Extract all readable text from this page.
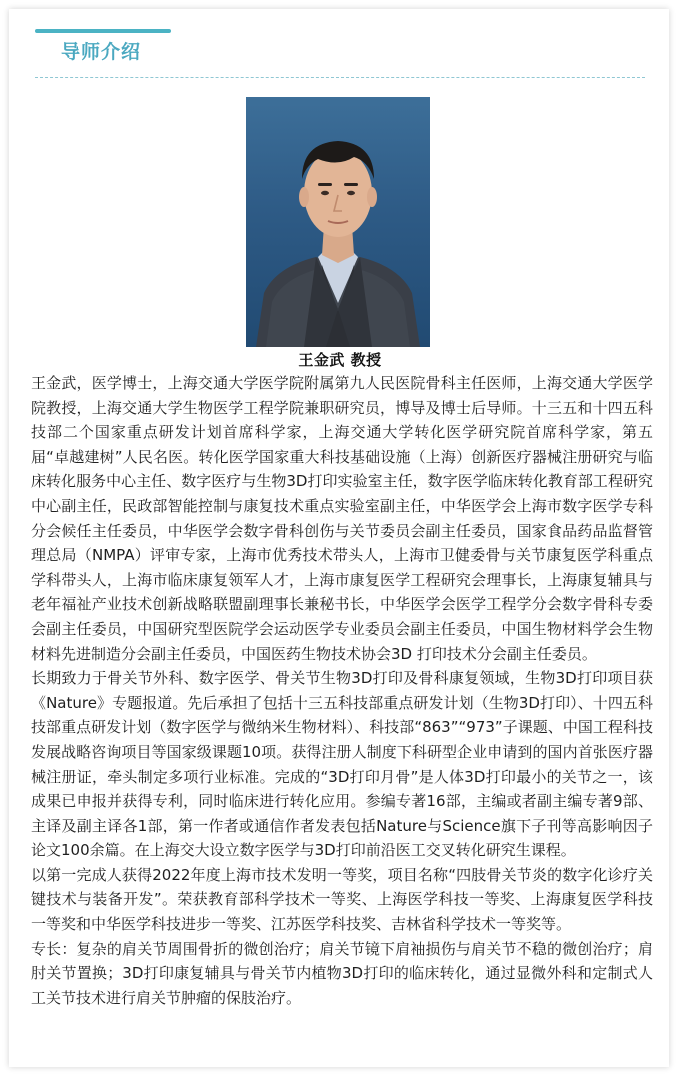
导师介绍
王金武 教授

王金武，医学博士，上海交通大学医学院附属第九人民医院骨科主任医师，上海交通大学医学院教授，上海交通大学生物医学工程学院兼职研究员，博导及博士后导师。十三五和十四五科技部二个国家重点研发计划首席科学家，上海交通大学转化医学研究院首席科学家，第五届“卓越建树”人民名医。转化医学国家重大科技基础设施（上海）创新医疗器械注册研究与临床转化服务中心主任、数字医疗与生物3D打印实验室主任，数字医学临床转化教育部工程研究中心副主任，民政部智能控制与康复技术重点实验室副主任，中华医学会上海市数字医学专科分会候任主任委员，中华医学会数字骨科创伤与关节委员会副主任委员，国家食品药品监督管理总局（NMPA）评审专家，上海市优秀技术带头人，上海市卫健委骨与关节康复医学科重点学科带头人，上海市临床康复领军人才，上海市康复医学工程研究会理事长，上海康复辅具与老年福祉产业技术创新战略联盟副理事长兼秘书长，中华医学会医学工程学分会数字骨科专委会副主任委员，中国研究型医院学会运动医学专业委员会副主任委员，中国生物材料学会生物材料先进制造分会副主任委员，中国医药生物技术协会3D 打印技术分会副主任委员。

长期致力于骨关节外科、数字医学、骨关节生物3D打印及骨科康复领域，生物3D打印项目获《Nature》专题报道。先后承担了包括十三五科技部重点研发计划（生物3D打印）、十四五科技部重点研发计划（数字医学与微纳米生物材料）、科技部“863”“973”子课题、中国工程科技发展战略咨询项目等国家级课题10项。获得注册人制度下科研型企业申请到的国内首张医疗器械注册证，牵头制定多项行业标准。完成的“3D打印月骨”是人体3D打印最小的关节之一，该成果已申报并获得专利，同时临床进行转化应用。参编专著16部，主编或者副主编专著9部、主译及副主译各1部，第一作者或通信作者发表包括Nature与Science旗下子刊等高影响因子论文100余篇。在上海交大设立数字医学与3D打印前沿医工交叉转化研究生课程。

以第一完成人获得2022年度上海市技术发明一等奖，项目名称“四肢骨关节炎的数字化诊疗关键技术与装备开发”。荣获教育部科学技术一等奖、上海医学科技一等奖、上海康复医学科技一等奖和中华医学科技进步一等奖、江苏医学科技奖、吉林省科学技术一等奖等。

专长：复杂的肩关节周围骨折的微创治疗；肩关节镜下肩袖损伤与肩关节不稳的微创治疗；肩肘关节置换；3D打印康复辅具与骨关节内植物3D打印的临床转化，通过显微外科和定制式人工关节技术进行肩关节肿瘤的保肢治疗。
